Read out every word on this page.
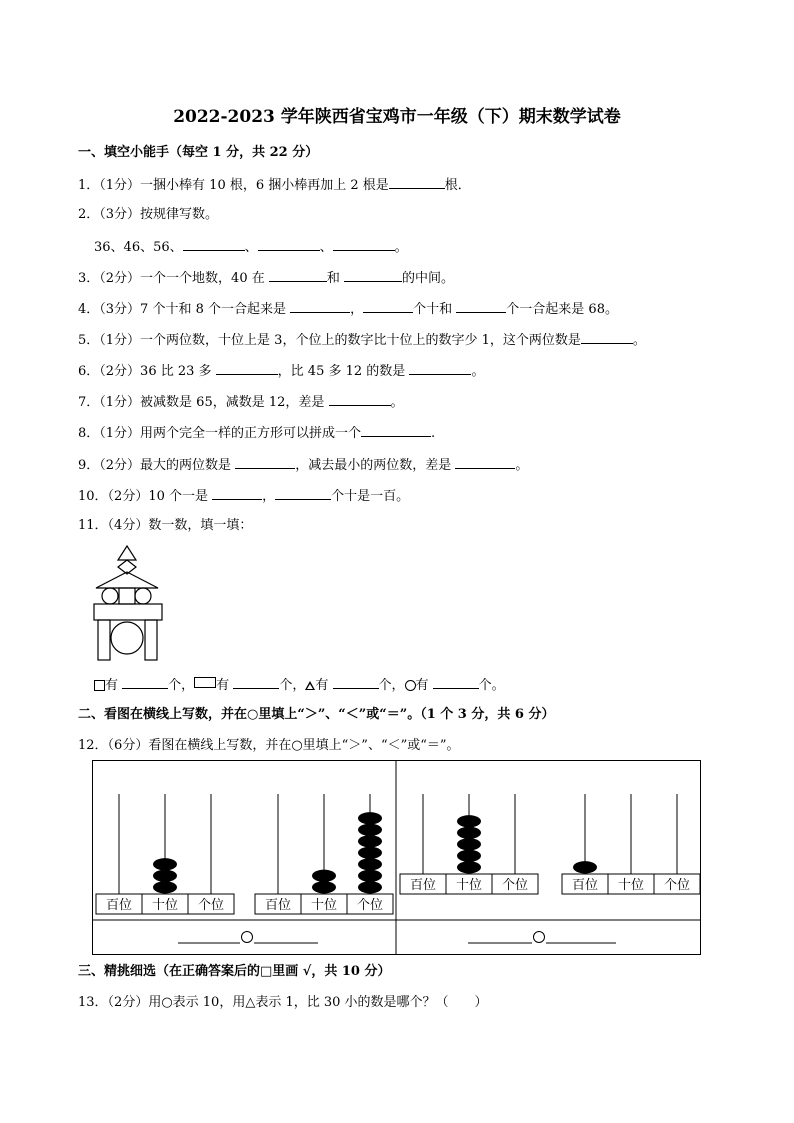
2022-2023 学年陕西省宝鸡市一年级（下）期末数学试卷
一、填空小能手（每空 1 分，共 22 分）
1．（1分）一捆小棒有 10 根，6 捆小棒再加上 2 根是	根．
2．（3分）按规律写数。
36、46、56、	、	、	。
3．（2分）一个一个地数，40 在	和	的中间。
4．（3分）7 个十和 8 个一合起来是	，	个十和	个一合起来是 68。
5．（1分）一个两位数，十位上是 3，个位上的数字比十位上的数字少 1，这个两位数是	。
6．（2分）36 比 23 多	，比 45 多 12 的数是	。
7．（1分）被减数是 65，减数是 12，差是	。
8．（1分）用两个完全一样的正方形可以拼成一个	.
9．（2分）最大的两位数是	，减去最小的两位数，差是	。
10．（2分）10 个一是	，	个十是一百。
11．（4分）数一数，填一填：
有	个， 有	个， 有	个， 有	个。
二、看图在横线上写数，并在○里填上“＞”、“＜”或“＝”。（1 个 3 分，共 6 分）
12．（6分）看图在横线上写数，并在○里填上“＞”、“＜”或“＝”。
百位 十位 个位	百位 十位 个位
百位 十位 个位	百位 十位 个位
三、精挑细选（在正确答案后的□里画 √，共 10 分）
13．（2分）用○表示 10，用△表示 1，比 30 小的数是哪个？（　　）
